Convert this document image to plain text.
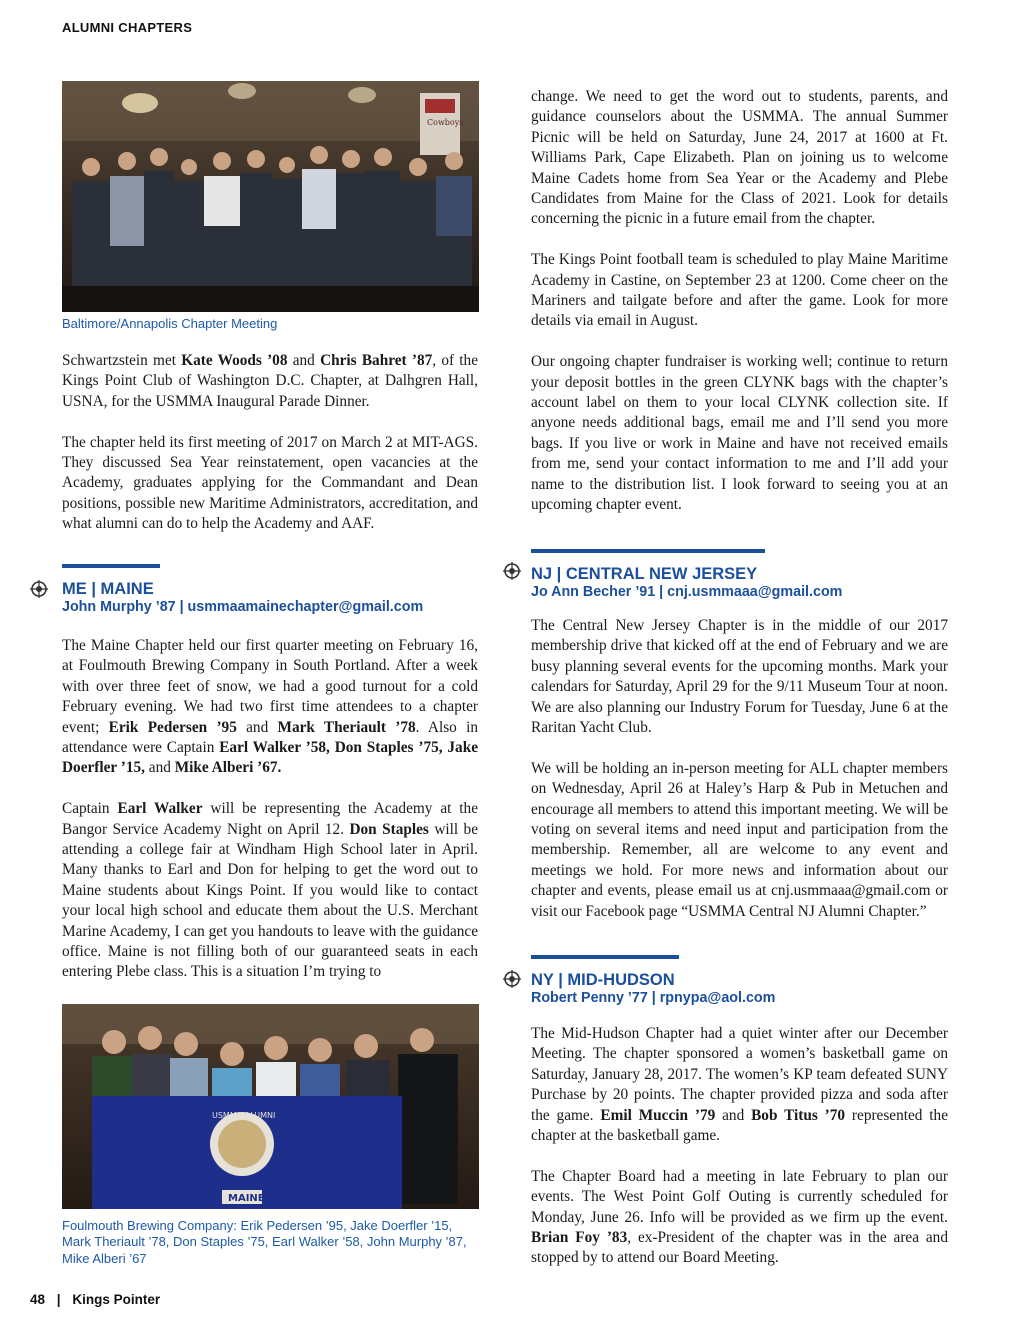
ALUMNI CHAPTERS
Cowboys
Baltimore/Annapolis Chapter Meeting

Schwartzstein met Kate Woods ’08 and Chris Bahret ’87, of the Kings Point Club of Washington D.C. Chapter, at Dalhgren Hall, USNA, for the USMMA Inaugural Parade Dinner.

The chapter held its first meeting of 2017 on March 2 at MIT-AGS. They discussed Sea Year reinstatement, open vacancies at the Academy, graduates applying for the Commandant and Dean positions, possible new Maritime Administrators, accreditation, and what alumni can do to help the Academy and AAF.

ME | MAINE
John Murphy ’87 | usmmaamainechapter@gmail.com

The Maine Chapter held our first quarter meeting on February 16, at Foulmouth Brewing Company in South Portland. After a week with over three feet of snow, we had a good turnout for a cold February evening. We had two first time attendees to a chapter event; Erik Pedersen ’95 and Mark Theriault ’78. Also in attendance were Captain Earl Walker ’58, Don Staples ’75, Jake Doerfler ’15, and Mike Alberi ’67.

Captain Earl Walker will be representing the Academy at the Bangor Service Academy Night on April 12. Don Staples will be attending a college fair at Windham High School later in April. Many thanks to Earl and Don for helping to get the word out to Maine students about Kings Point. If you would like to contact your local high school and educate them about the U.S. Merchant Marine Academy, I can get you handouts to leave with the guidance office. Maine is not filling both of our guaranteed seats in each entering Plebe class. This is a situation I’m trying to

USMMA ALUMNI
MAINE
Foulmouth Brewing Company: Erik Pedersen ’95, Jake Doerfler ’15, Mark Theriault ’78, Don Staples ’75, Earl Walker ’58, John Murphy ’87, Mike Alberi ’67

change. We need to get the word out to students, parents, and guidance counselors about the USMMA. The annual Summer Picnic will be held on Saturday, June 24, 2017 at 1600 at Ft. Williams Park, Cape Elizabeth. Plan on joining us to welcome Maine Cadets home from Sea Year or the Academy and Plebe Candidates from Maine for the Class of 2021. Look for details concerning the picnic in a future email from the chapter.

The Kings Point football team is scheduled to play Maine Maritime Academy in Castine, on September 23 at 1200. Come cheer on the Mariners and tailgate before and after the game. Look for more details via email in August.

Our ongoing chapter fundraiser is working well; continue to return your deposit bottles in the green CLYNK bags with the chapter’s account label on them to your local CLYNK collection site. If anyone needs additional bags, email me and I’ll send you more bags. If you live or work in Maine and have not received emails from me, send your contact information to me and I’ll add your name to the distribution list. I look forward to seeing you at an upcoming chapter event.

NJ | CENTRAL NEW JERSEY
Jo Ann Becher ’91 | cnj.usmmaaa@gmail.com

The Central New Jersey Chapter is in the middle of our 2017 membership drive that kicked off at the end of February and we are busy planning several events for the upcoming months. Mark your calendars for Saturday, April 29 for the 9/11 Museum Tour at noon. We are also planning our Industry Forum for Tuesday, June 6 at the Raritan Yacht Club.

We will be holding an in-person meeting for ALL chapter members on Wednesday, April 26 at Haley’s Harp & Pub in Metuchen and encourage all members to attend this important meeting. We will be voting on several items and need input and participation from the membership. Remember, all are welcome to any event and meetings we hold. For more news and information about our chapter and events, please email us at cnj.usmmaaa@gmail.com or visit our Facebook page “USMMA Central NJ Alumni Chapter.”

NY | MID-HUDSON
Robert Penny ’77 | rpnypa@aol.com

The Mid-Hudson Chapter had a quiet winter after our December Meeting. The chapter sponsored a women’s basketball game on Saturday, January 28, 2017. The women’s KP team defeated SUNY Purchase by 20 points. The chapter provided pizza and soda after the game. Emil Muccin ’79 and Bob Titus ’70 represented the chapter at the basketball game.

The Chapter Board had a meeting in late February to plan our events. The West Point Golf Outing is currently scheduled for Monday, June 26. Info will be provided as we firm up the event. Brian Foy ’83, ex-President of the chapter was in the area and stopped by to attend our Board Meeting.

48 | Kings Pointer
